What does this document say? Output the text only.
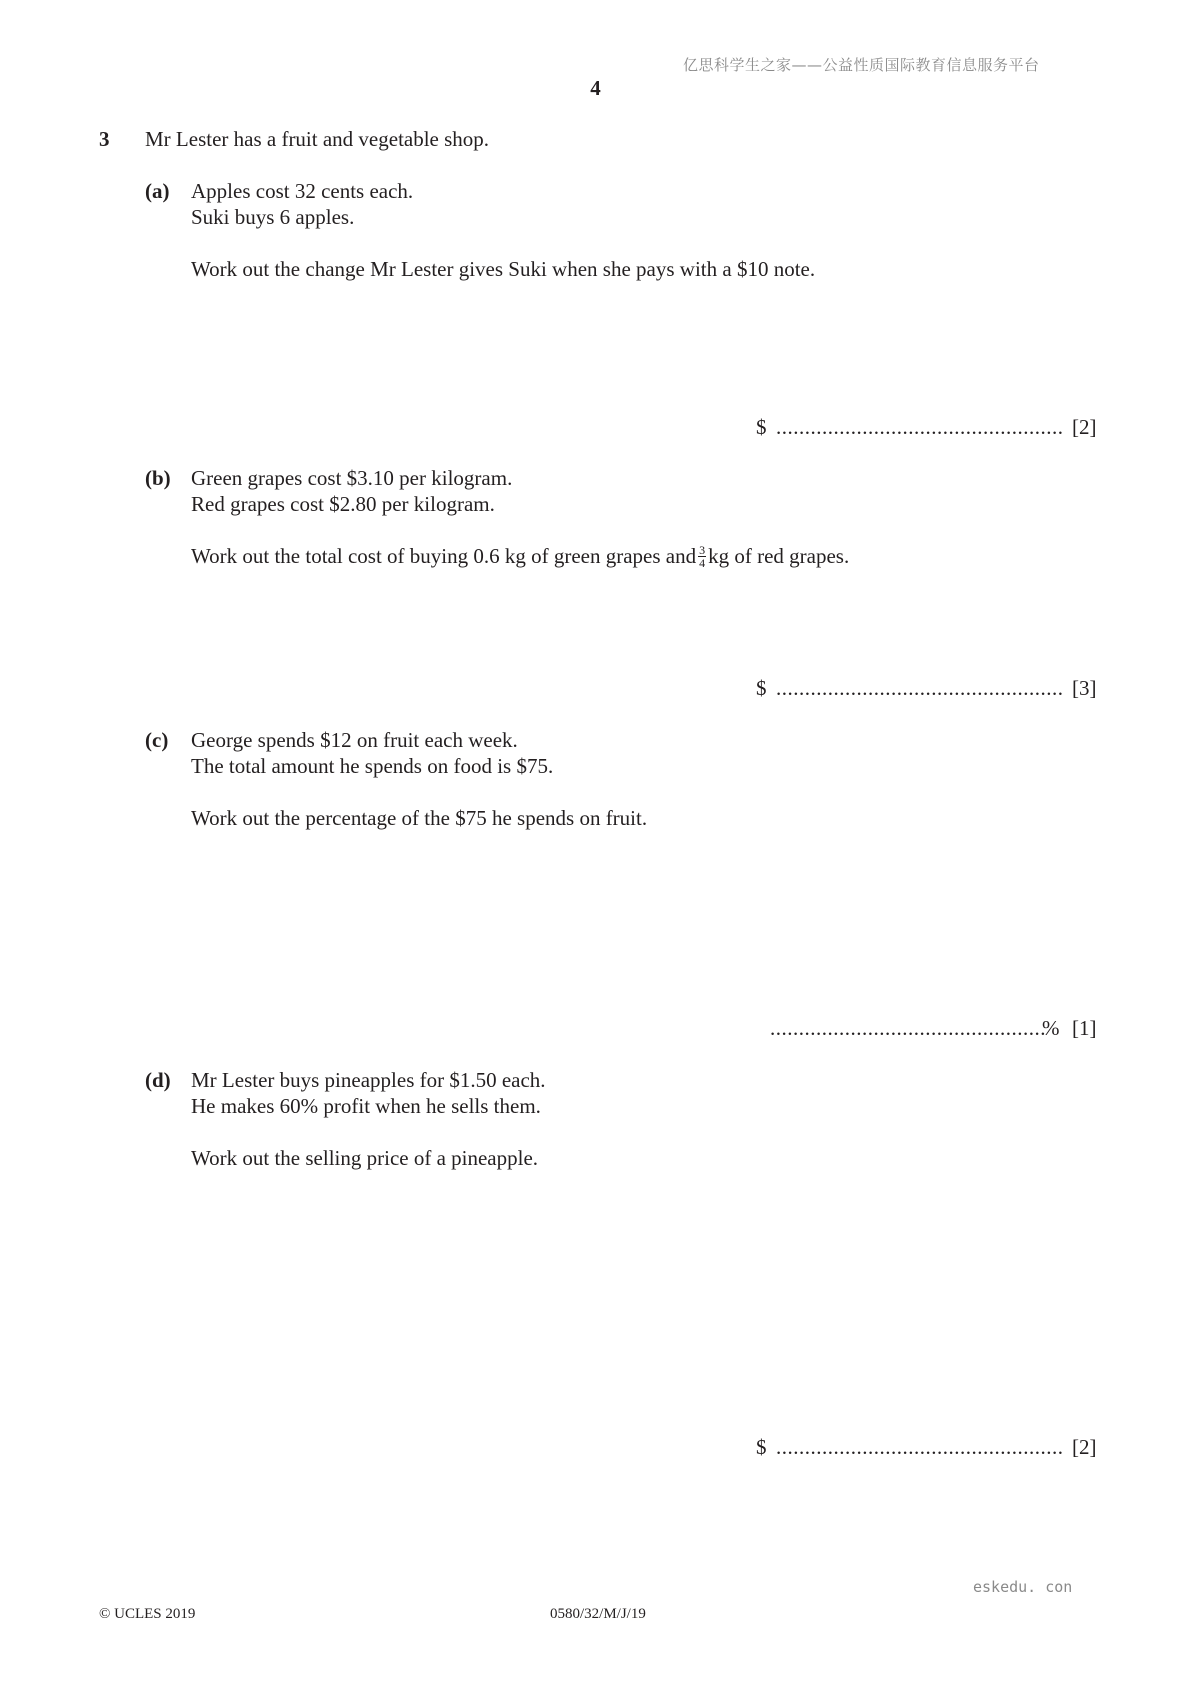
亿思科学生之家——公益性质国际教育信息服务平台
4
3 Mr Lester has a fruit and vegetable shop.
(a) Apples cost 32 cents each.
Suki buys 6 apples.
Work out the change Mr Lester gives Suki when she pays with a $10 note.
$ .................................................. [2]
(b) Green grapes cost $3.10 per kilogram.
Red grapes cost $2.80 per kilogram.
Work out the total cost of buying 0.6 kg of green grapes and $\frac{3}{4}$ kg of red grapes.
$ .................................................. [3]
(c) George spends $12 on fruit each week.
The total amount he spends on food is $75.
Work out the percentage of the $75 he spends on fruit.
................................................
% [1]
(d) Mr Lester buys pineapples for $1.50 each.
He makes 60% profit when he sells them.
Work out the selling price of a pineapple.
$ .................................................. [2]
eskedu. con
© UCLES 2019	0580/32/M/J/19
